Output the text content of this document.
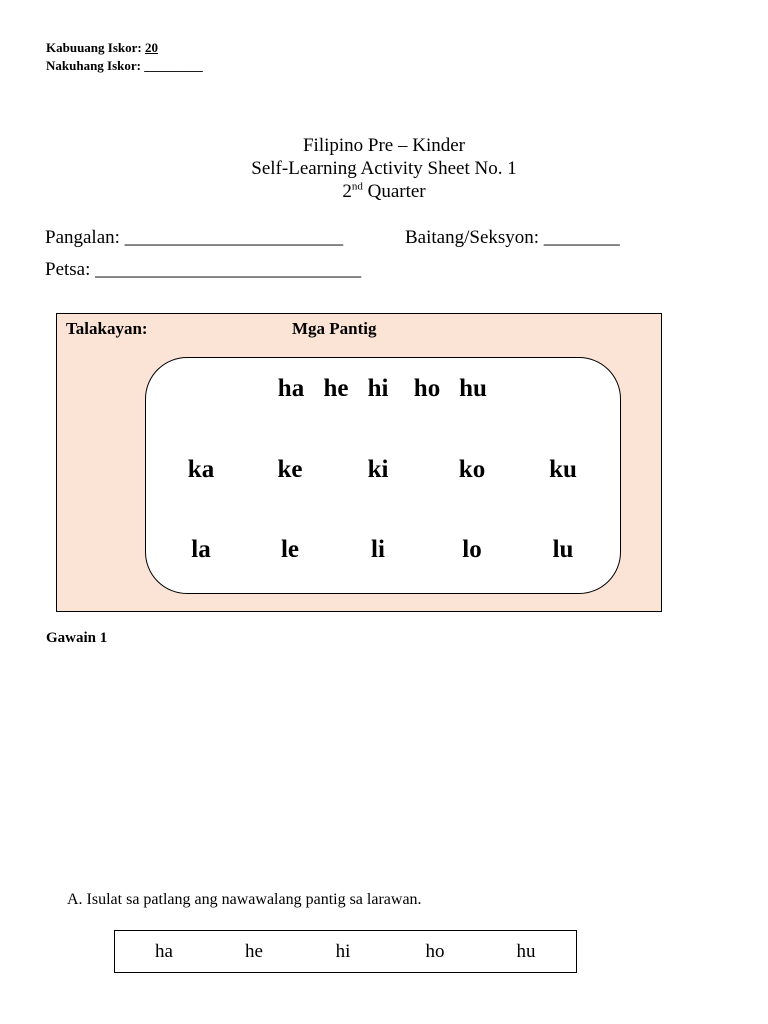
Kabuuang Iskor: 20
Nakuhang Iskor: _________
Filipino Pre – Kinder
Self-Learning Activity Sheet No. 1
2nd Quarter
Pangalan: _______________________	Baitang/Seksyon: ________
Petsa: ____________________________
Talakayan:	Mga Pantig
ha he hi	ho hu
ka	ke	ki	ko	ku
la	le	li	lo	lu
Gawain 1
A. Isulat sa patlang ang nawawalang pantig sa larawan.
ha	he	hi	ho	hu
